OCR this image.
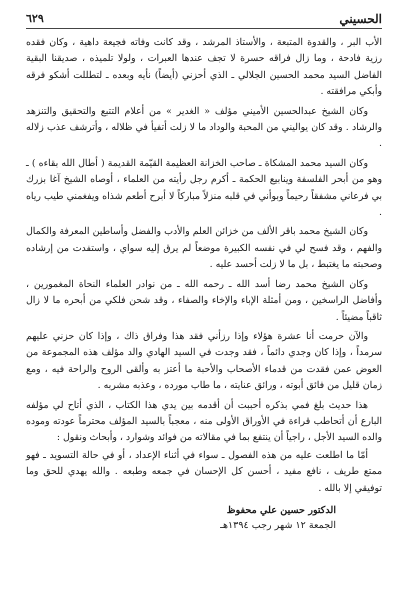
الحسيني
٦٢٩

الأب البر ، والقدوة المتبعة ، والأستاذ المرشد ، وقد كانت وفاته فجيعة داهية ، وكان فقده رزية فادحة ، وما زال فراقه حسرة لا تجف عندها العبرات ، ولولا تلميذه ، صديقنا البقية الفاضل السيد محمد الحسين الجلالي ـ الذي أحزني (أيضاً) نأيه وبعده ـ لتطللت أشكو فرقه وأبكي مرافقته .

وكان الشيخ عبدالحسين الأميني مؤلف « الغدير » من أعلام التتبع والتحقيق والتنزهد والرشاد . وقد كان يواليني من المحبة والوداد ما لا زلت أتفيأ في ظلاله ، وأترشف عذب زلاله .

وكان السيد محمد المشكاة ـ صاحب الخزانة العظيمة القيّمة القديمة ( أطال الله بقاءه ) ـ وهو من أبحر الفلسفة وينابيع الحكمة ـ أكرم رجل رأيته من العلماء ، أوصاه الشيخ آغا بزرك بي فرعاني مشفقاً رحيماً وبوأني في قلبه منزلاً مباركاً لا أبرح أطعم شذاه ويفغمني طيب رياه .

وكان الشيخ محمد باقر الألف من خزائن العلم والأدب والفضل وأساطين المعرفة والكمال والفهم ، وقد فسح لي في نفسه الكبيرة موضعاً لم يرق إليه سواي ، واستفدت من إرشاده وصحبته ما يغتبط ، بل ما لا زلت أحسد عليه .

وكان الشيخ محمد رضا أسد الله ـ رحمه الله ـ من نوادر العلماء النحاة المغمورين ، وأفاضل الراسخين ، ومن أمثلة الإباء والإخاء والصفاء ، وقد شحن فلكي من أبحره ما لا زال ثاقباً مضيئاً .

والآن حرمت أنا عشرة هؤلاء وإذا رزأني فقد هذا وفراق ذاك ، وإذا كان حزني عليهم سرمداً ، وإذا كان وجدي دائماً ، فقد وجدت في السيد الهادي والد مؤلف هذه المجموعة من العوض عمن فقدت من قدماء الأصحاب والأحبة ما أعتز به وألقى الروح والراحة فيه ، ومع زمان قليل من فائق أبوته ، ورائق عنايته ، ما طاب مورده ، وعذبه مشربه .

هذا حديث بلغ فمي بذكره أحببت أن أقدمه بين يدي هذا الكتاب ، الذي أتاح لي مؤلفه البارع أن أتحاطب قراءة في الأوراق الأولى منه ، معجباً بالسيد المؤلف محترماً عودته وموده والده السيد الأجل ، راجياً أن ينتفع بما في مقالاته من فوائد وشوارد ، وأبحاث ونقول :

أمّا ما اطلعت عليه من هذه الفصول ـ سواء في أثناء الإعداد ، أو في حالة التسويد ـ فهو ممتع طريف ، نافع مفيد ، أحسن كل الإحسان في جمعه وطبعه . والله يهدي للحق وما توفيقي إلا بالله .

الدكتور حسين علي محفوظ
الجمعة ١٢ شهر رجب ١٣٩٤هـ
